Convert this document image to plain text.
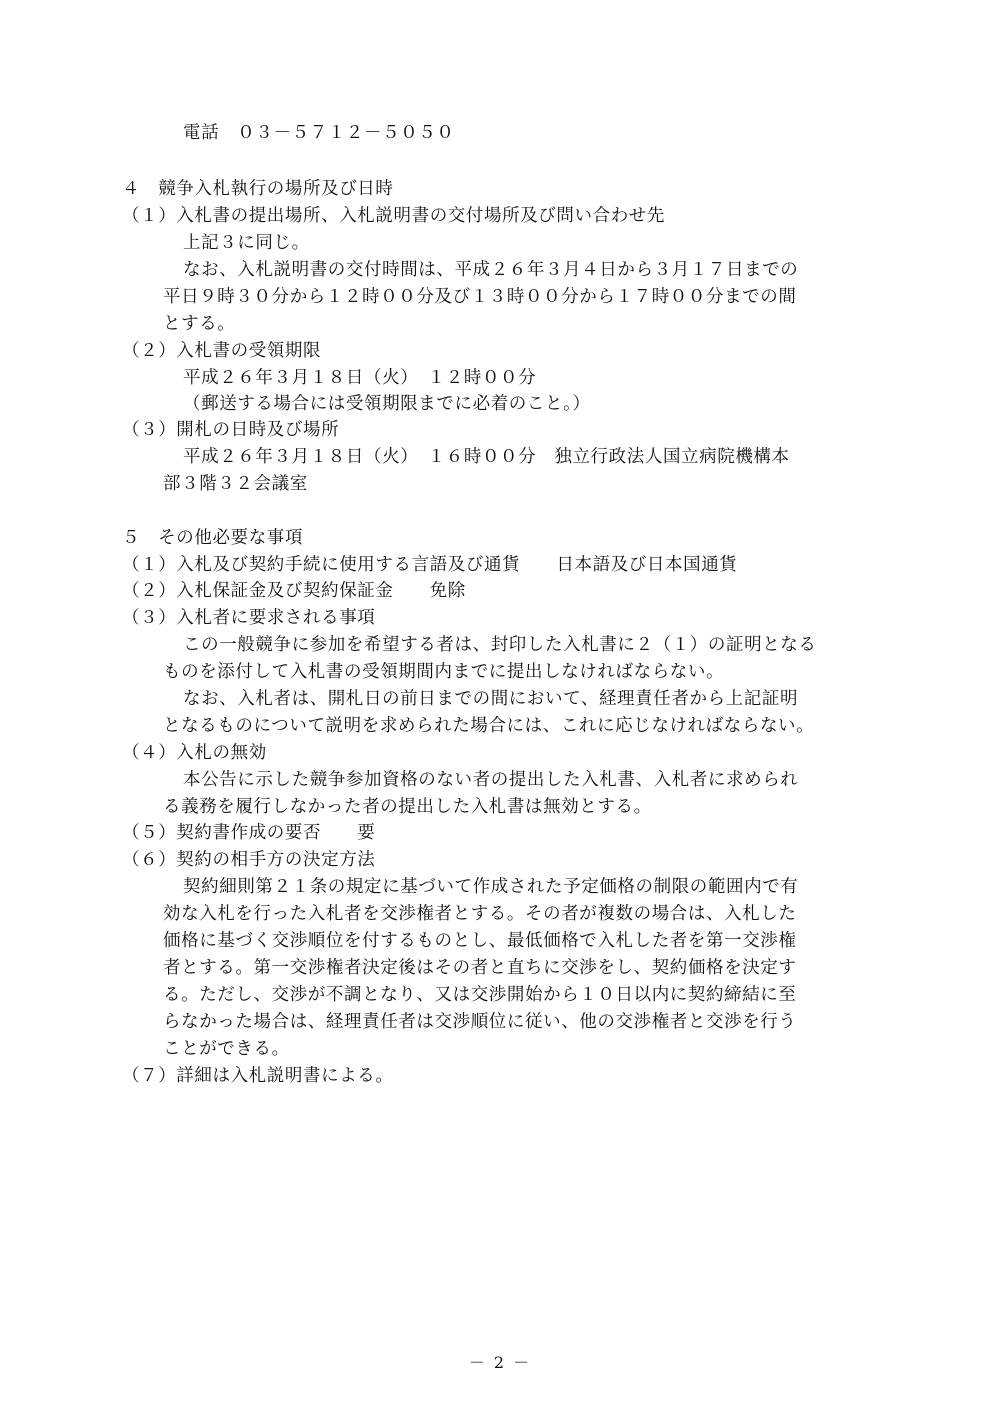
電話　０３－５７１２－５０５０
４　競争入札執行の場所及び日時
（１）入札書の提出場所、入札説明書の交付場所及び問い合わせ先
上記３に同じ。
なお、入札説明書の交付時間は、平成２６年３月４日から３月１７日までの
平日９時３０分から１２時００分及び１３時００分から１７時００分までの間
とする。
（２）入札書の受領期限
平成２６年３月１８日（火）　１２時００分
（郵送する場合には受領期限までに必着のこと。）
（３）開札の日時及び場所
平成２６年３月１８日（火）　１６時００分　独立行政法人国立病院機構本
部３階３２会議室
５　その他必要な事項
（１）入札及び契約手続に使用する言語及び通貨　　日本語及び日本国通貨
（２）入札保証金及び契約保証金　　免除
（３）入札者に要求される事項
この一般競争に参加を希望する者は、封印した入札書に２（１）の証明となる
ものを添付して入札書の受領期間内までに提出しなければならない。
なお、入札者は、開札日の前日までの間において、経理責任者から上記証明
となるものについて説明を求められた場合には、これに応じなければならない。
（４）入札の無効
本公告に示した競争参加資格のない者の提出した入札書、入札者に求められ
る義務を履行しなかった者の提出した入札書は無効とする。
（５）契約書作成の要否　　要
（６）契約の相手方の決定方法
契約細則第２１条の規定に基づいて作成された予定価格の制限の範囲内で有
効な入札を行った入札者を交渉権者とする。その者が複数の場合は、入札した
価格に基づく交渉順位を付するものとし、最低価格で入札した者を第一交渉権
者とする。第一交渉権者決定後はその者と直ちに交渉をし、契約価格を決定す
る。ただし、交渉が不調となり、又は交渉開始から１０日以内に契約締結に至
らなかった場合は、経理責任者は交渉順位に従い、他の交渉権者と交渉を行う
ことができる。
（７）詳細は入札説明書による。
－ 2 －
